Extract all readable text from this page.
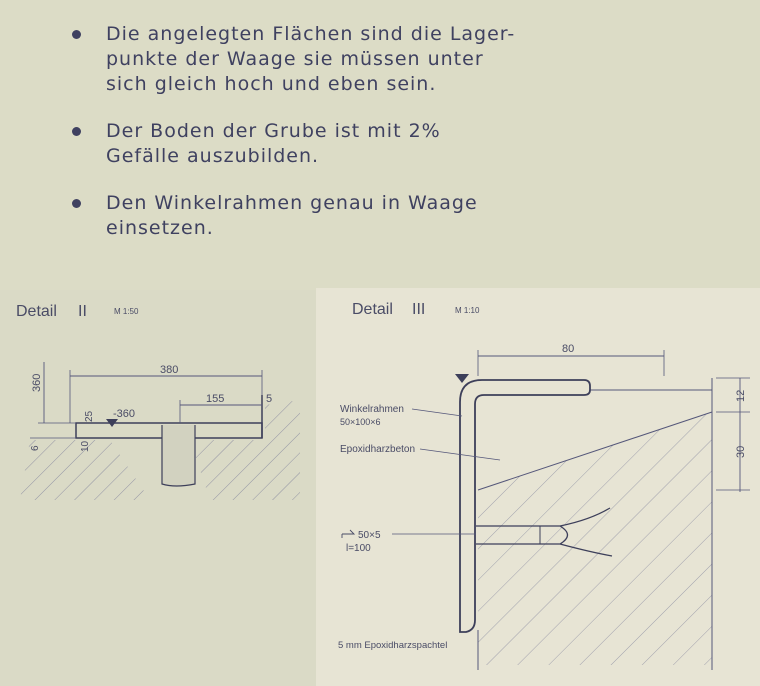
Die angelegten Flächen sind die Lager-
punkte der Waage sie müssen unter
sich gleich hoch und eben sein.
Der Boden der Grube ist mit 2%
Gefälle auszubilden.
Den Winkelrahmen genau in Waage
einsetzen.
Detail II	M 1:50
380
155	5
360
25
10
6
-360
Detail III	M 1:10
80
12
30
Winkelrahmen
50×100×6
Epoxidharzbeton
50×5
l=100
5 mm Epoxidharzspachtel
